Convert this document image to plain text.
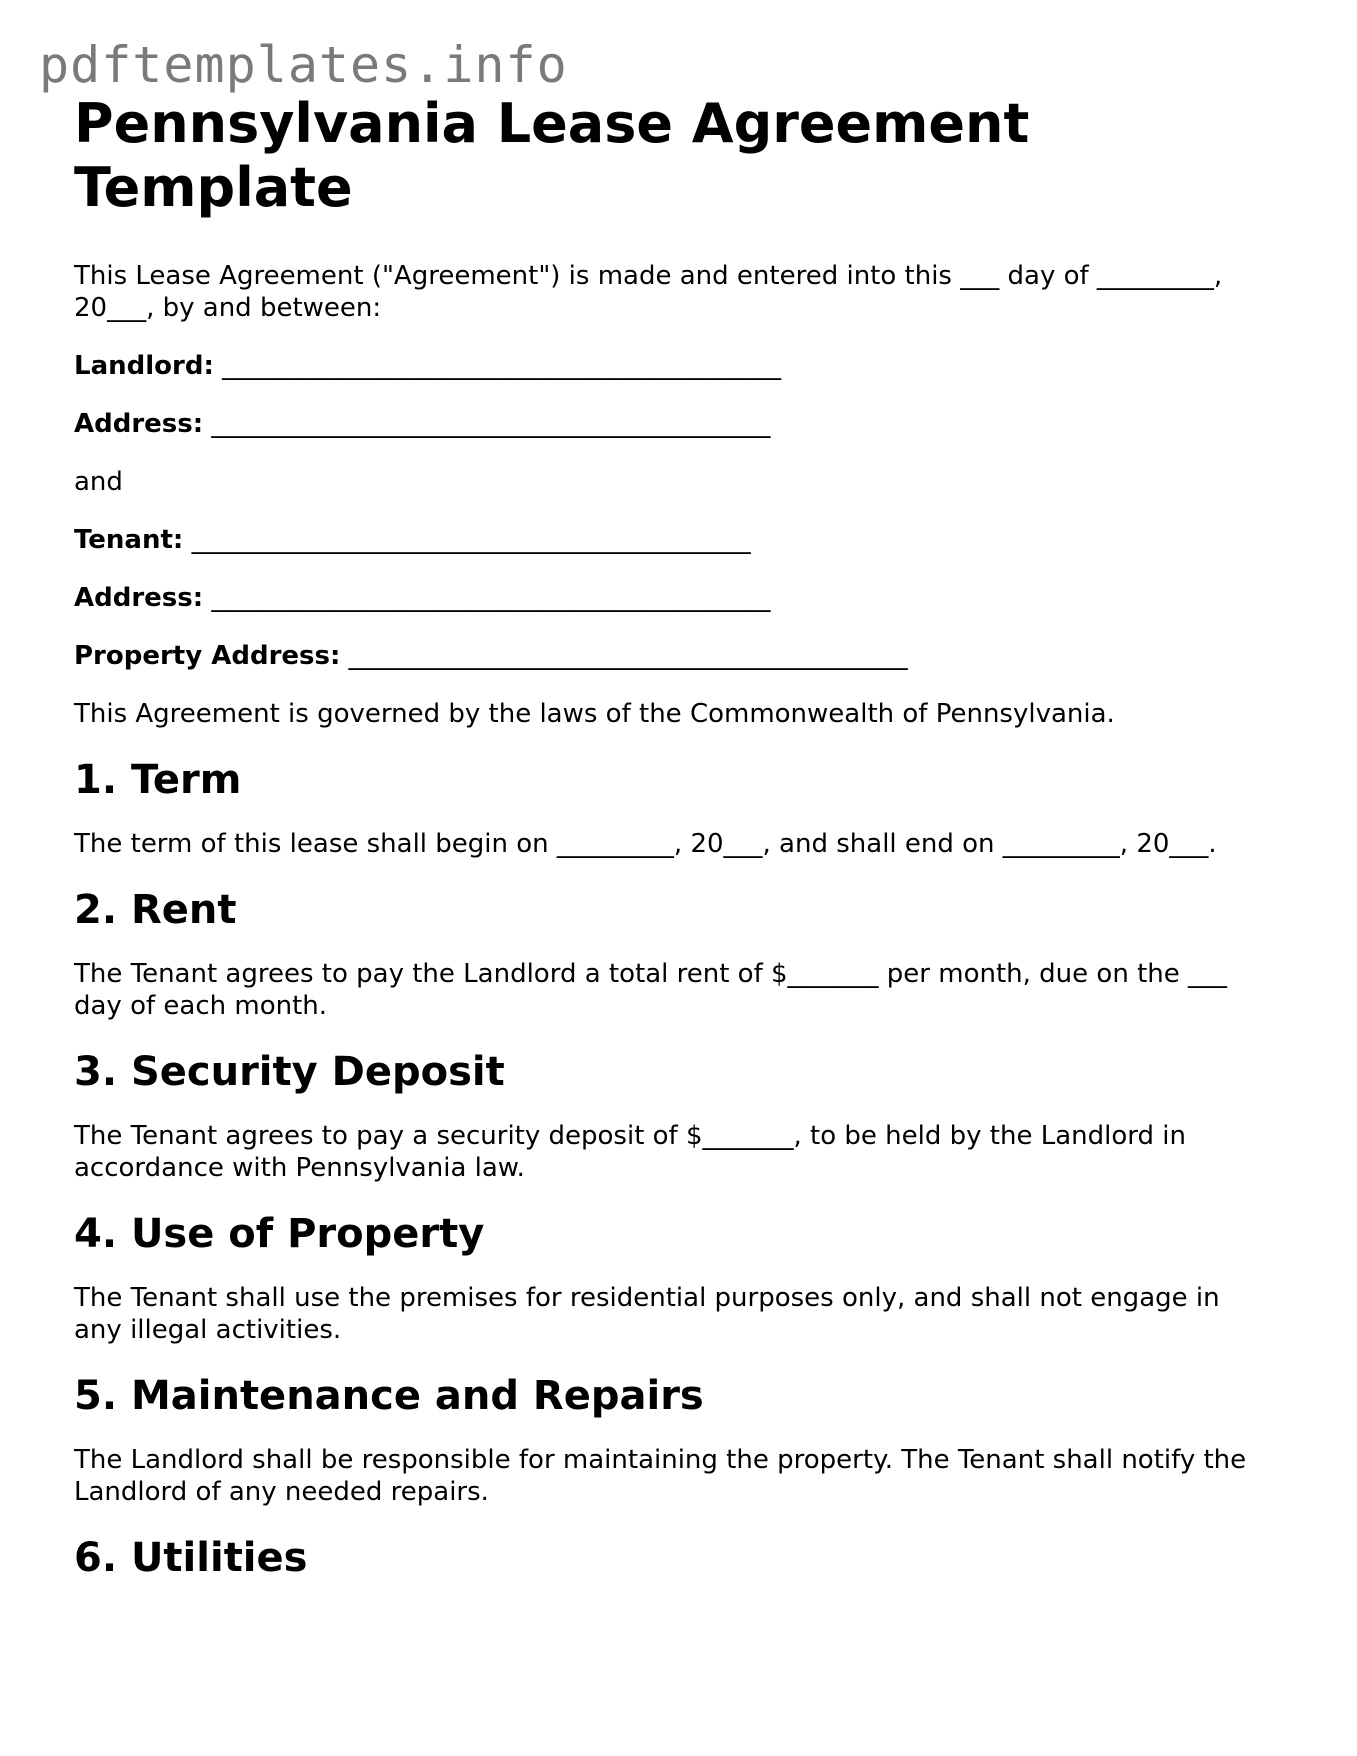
pdftemplates.info
Pennsylvania Lease Agreement Template

This Lease Agreement ("Agreement") is made and entered into this ___ day of _________, 20___, by and between:

Landlord: ___________________________________________

Address: ___________________________________________

and

Tenant: ___________________________________________

Address: ___________________________________________

Property Address: ___________________________________________

This Agreement is governed by the laws of the Commonwealth of Pennsylvania.

1. Term

The term of this lease shall begin on _________, 20___, and shall end on _________, 20___.

2. Rent

The Tenant agrees to pay the Landlord a total rent of $_______ per month, due on the ___ day of each month.

3. Security Deposit

The Tenant agrees to pay a security deposit of $_______, to be held by the Landlord in accordance with Pennsylvania law.

4. Use of Property

The Tenant shall use the premises for residential purposes only, and shall not engage in any illegal activities.

5. Maintenance and Repairs

The Landlord shall be responsible for maintaining the property. The Tenant shall notify the Landlord of any needed repairs.

6. Utilities
